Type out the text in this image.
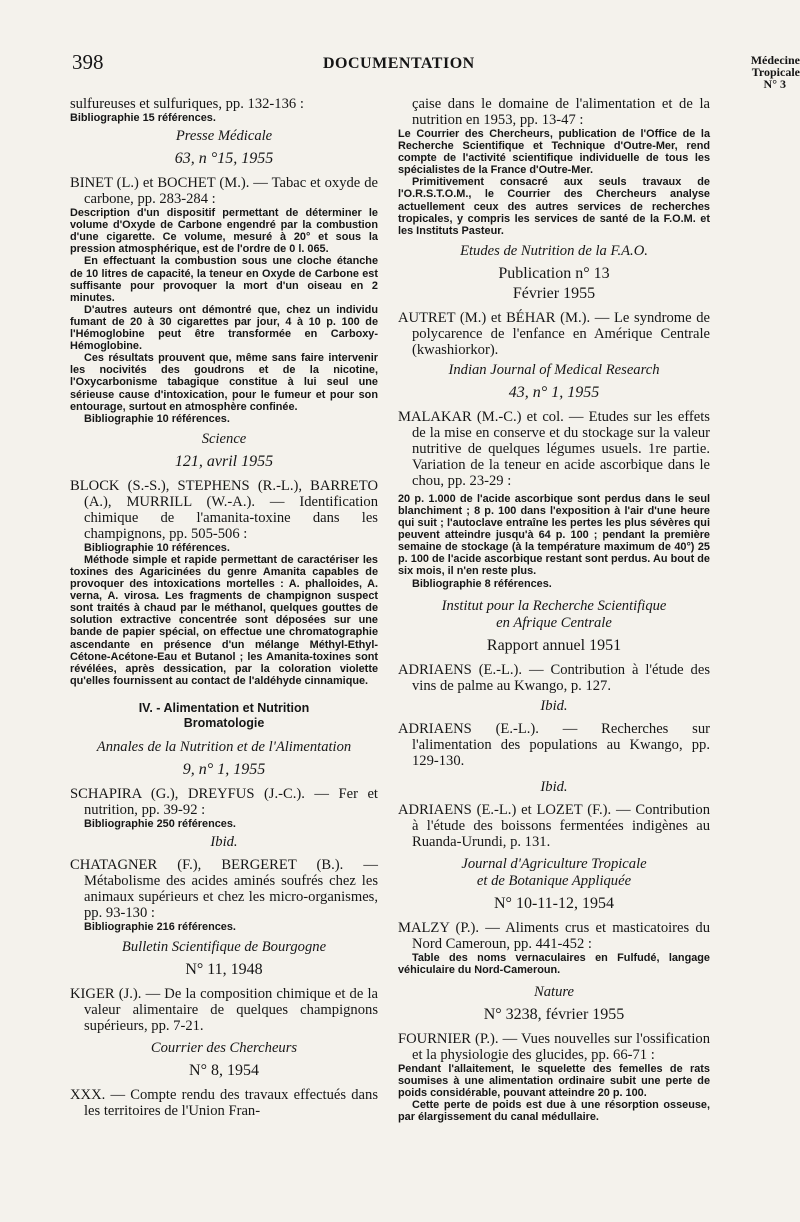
398	DOCUMENTATION	Médecine
Tropicale
N° 3

sulfureuses et sulfuriques, pp. 132-136 :

Bibliographie 15 références.

Presse Médicale

63, n °15, 1955

BINET (L.) et BOCHET (M.). — Tabac et oxyde de carbone, pp. 283-284 :

Description d'un dispositif permettant de déterminer le volume d'Oxyde de Carbone engendré par la combustion d'une cigarette. Ce volume, mesuré à 20° et sous la pression atmosphérique, est de l'ordre de 0 l. 065.

En effectuant la combustion sous une cloche étanche de 10 litres de capacité, la teneur en Oxyde de Carbone est suffisante pour provoquer la mort d'un oiseau en 2 minutes.

D'autres auteurs ont démontré que, chez un individu fumant de 20 à 30 cigarettes par jour, 4 à 10 p. 100 de l'Hémoglobine peut être transformée en Carboxy-Hémoglobine.

Ces résultats prouvent que, même sans faire intervenir les nocivités des goudrons et de la nicotine, l'Oxycarbonisme tabagique constitue à lui seul une sérieuse cause d'intoxication, pour le fumeur et pour son entourage, surtout en atmosphère confinée.

Bibliographie 10 références.

Science

121, avril 1955

BLOCK (S.-S.), STEPHENS (R.-L.), BARRETO (A.), MURRILL (W.-A.). — Identification chimique de l'amanita-toxine dans les champignons, pp. 505-506 :

Bibliographie 10 références.

Méthode simple et rapide permettant de caractériser les toxines des Agaricinées du genre Amanita capables de provoquer des intoxications mortelles : A. phalloides, A. verna, A. virosa. Les fragments de champignon suspect sont traités à chaud par le méthanol, quelques gouttes de solution extractive concentrée sont déposées sur une bande de papier spécial, on effectue une chromatographie ascendante en présence d'un mélange Méthyl-Ethyl-Cétone-Acétone-Eau et Butanol ; les Amanita-toxines sont révélées, après dessication, par la coloration violette qu'elles fournissent au contact de l'aldéhyde cinnamique.

IV. - Alimentation et Nutrition

Bromatologie

Annales de la Nutrition et de l'Alimentation

9, n° 1, 1955

SCHAPIRA (G.), DREYFUS (J.-C.). — Fer et nutrition, pp. 39-92 :

Bibliographie 250 références.

Ibid.

CHATAGNER (F.), BERGERET (B.). — Métabolisme des acides aminés soufrés chez les animaux supérieurs et chez les micro-organismes, pp. 93-130 :

Bibliographie 216 références.

Bulletin Scientifique de Bourgogne

N° 11, 1948

KIGER (J.). — De la composition chimique et de la valeur alimentaire de quelques champignons supérieurs, pp. 7-21.

Courrier des Chercheurs

N° 8, 1954

XXX. — Compte rendu des travaux effectués dans les territoires de l'Union Fran-

çaise dans le domaine de l'alimentation et de la nutrition en 1953, pp. 13-47 :

Le Courrier des Chercheurs, publication de l'Office de la Recherche Scientifique et Technique d'Outre-Mer, rend compte de l'activité scientifique individuelle de tous les spécialistes de la France d'Outre-Mer.

Primitivement consacré aux seuls travaux de l'O.R.S.T.O.M., le Courrier des Chercheurs analyse actuellement ceux des autres services de recherches tropicales, y compris les services de santé de la F.O.M. et les Instituts Pasteur.

Etudes de Nutrition de la F.A.O.

Publication n° 13

Février 1955

AUTRET (M.) et BÉHAR (M.). — Le syndrome de polycarence de l'enfance en Amérique Centrale (kwashiorkor).

Indian Journal of Medical Research

43, n° 1, 1955

MALAKAR (M.-C.) et col. — Etudes sur les effets de la mise en conserve et du stockage sur la valeur nutritive de quelques légumes usuels. 1re partie. Variation de la teneur en acide ascorbique dans le chou, pp. 23-29 :

20 p. 1.000 de l'acide ascorbique sont perdus dans le seul blanchiment ; 8 p. 100 dans l'exposition à l'air d'une heure qui suit ; l'autoclave entraîne les pertes les plus sévères qui peuvent atteindre jusqu'à 64 p. 100 ; pendant la première semaine de stockage (à la température maximum de 40°) 25 p. 100 de l'acide ascorbique restant sont perdus. Au bout de six mois, il n'en reste plus.

Bibliographie 8 références.

Institut pour la Recherche Scientifique

en Afrique Centrale

Rapport annuel 1951

ADRIAENS (E.-L.). — Contribution à l'étude des vins de palme au Kwango, p. 127.

Ibid.

ADRIAENS (E.-L.). — Recherches sur l'alimentation des populations au Kwango, pp. 129-130.

Ibid.

ADRIAENS (E.-L.) et LOZET (F.). — Contribution à l'étude des boissons fermentées indigènes au Ruanda-Urundi, p. 131.

Journal d'Agriculture Tropicale

et de Botanique Appliquée

N° 10-11-12, 1954

MALZY (P.). — Aliments crus et masticatoires du Nord Cameroun, pp. 441-452 :

Table des noms vernaculaires en Fulfudé, langage véhiculaire du Nord-Cameroun.

Nature

N° 3238, février 1955

FOURNIER (P.). — Vues nouvelles sur l'ossification et la physiologie des glucides, pp. 66-71 :

Pendant l'allaitement, le squelette des femelles de rats soumises à une alimentation ordinaire subit une perte de poids considérable, pouvant atteindre 20 p. 100.

Cette perte de poids est due à une résorption osseuse, par élargissement du canal médullaire.
